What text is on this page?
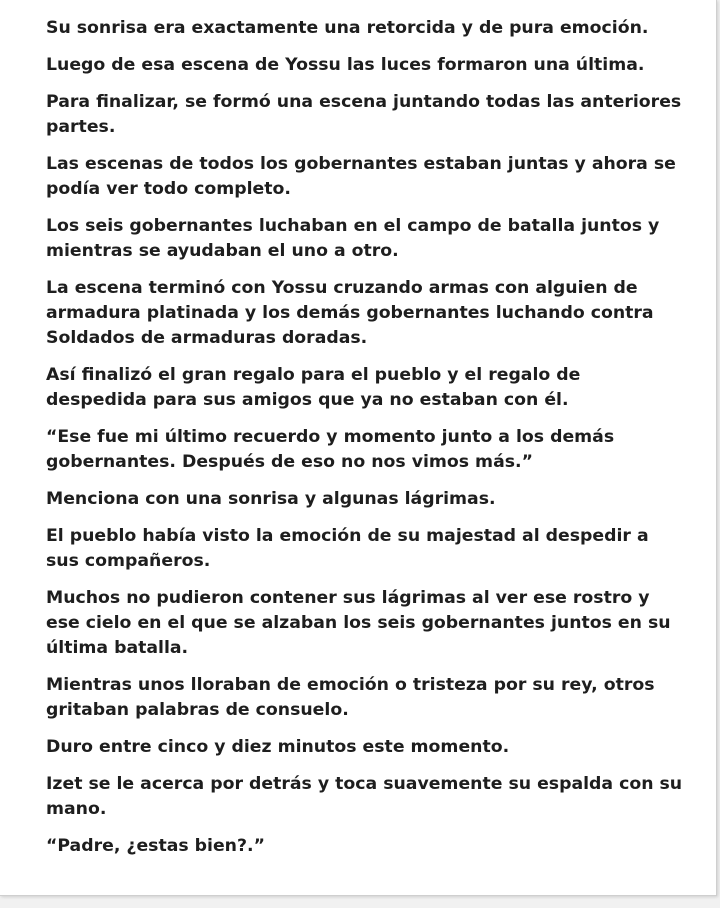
Su sonrisa era exactamente una retorcida y de pura emoción.

Luego de esa escena de Yossu las luces formaron una última.

Para finalizar, se formó una escena juntando todas las anteriores partes.

Las escenas de todos los gobernantes estaban juntas y ahora se podía ver todo completo.

Los seis gobernantes luchaban en el campo de batalla juntos y mientras se ayudaban el uno a otro.

La escena terminó con Yossu cruzando armas con alguien de armadura platinada y los demás gobernantes luchando contra Soldados de armaduras doradas.

Así finalizó el gran regalo para el pueblo y el regalo de despedida para sus amigos que ya no estaban con él.

“Ese fue mi último recuerdo y momento junto a los demás gobernantes. Después de eso no nos vimos más.”

Menciona con una sonrisa y algunas lágrimas.

El pueblo había visto la emoción de su majestad al despedir a sus compañeros.

Muchos no pudieron contener sus lágrimas al ver ese rostro y ese cielo en el que se alzaban los seis gobernantes juntos en su última batalla.

Mientras unos lloraban de emoción o tristeza por su rey, otros gritaban palabras de consuelo.

Duro entre cinco y diez minutos este momento.

Izet se le acerca por detrás y toca suavemente su espalda con su mano.

“Padre, ¿estas bien?.”
